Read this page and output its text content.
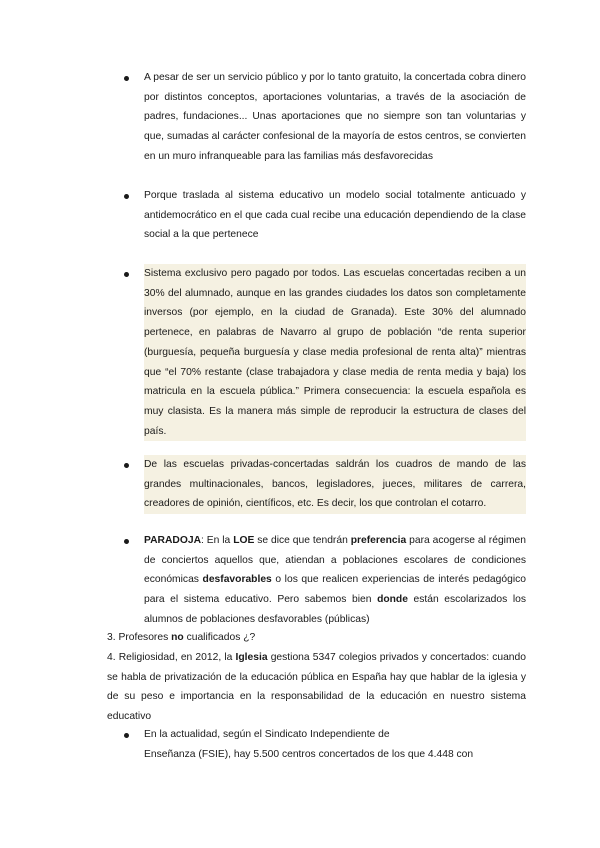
A pesar de ser un servicio público y por lo tanto gratuito, la concertada cobra dinero por distintos conceptos, aportaciones voluntarias, a través de la asociación de padres, fundaciones... Unas aportaciones que no siempre son tan voluntarias y que, sumadas al carácter confesional de la mayoría de estos centros, se convierten en un muro infranqueable para las familias más desfavorecidas
Porque traslada al sistema educativo un modelo social totalmente anticuado y antidemocrático en el que cada cual recibe una educación dependiendo de la clase social a la que pertenece
Sistema exclusivo pero pagado por todos. Las escuelas concertadas reciben a un 30% del alumnado, aunque en las grandes ciudades los datos son completamente inversos (por ejemplo, en la ciudad de Granada). Este 30% del alumnado pertenece, en palabras de Navarro al grupo de población “de renta superior (burguesía, pequeña burguesía y clase media profesional de renta alta)” mientras que “el 70% restante (clase trabajadora y clase media de renta media y baja) los matricula en la escuela pública.” Primera consecuencia: la escuela española es muy clasista. Es la manera más simple de reproducir la estructura de clases del país.
De las escuelas privadas-concertadas saldrán los cuadros de mando de las grandes multinacionales, bancos, legisladores, jueces, militares de carrera, creadores de opinión, científicos, etc. Es decir, los que controlan el cotarro.
PARADOJA: En la LOE se dice que tendrán preferencia para acogerse al régimen de conciertos aquellos que, atiendan a poblaciones escolares de condiciones económicas desfavorables o los que realicen experiencias de interés pedagógico para el sistema educativo. Pero sabemos bien donde están escolarizados los alumnos de poblaciones desfavorables (públicas)
3. Profesores no cualificados ¿?
4. Religiosidad, en 2012, la Iglesia gestiona 5347 colegios privados y concertados: cuando se habla de privatización de la educación pública en España hay que hablar de la iglesia y de su peso e importancia en la responsabilidad de la educación en nuestro sistema educativo
En la actualidad, según el Sindicato Independiente de
Enseñanza (FSIE), hay 5.500 centros concertados de los que 4.448 con
